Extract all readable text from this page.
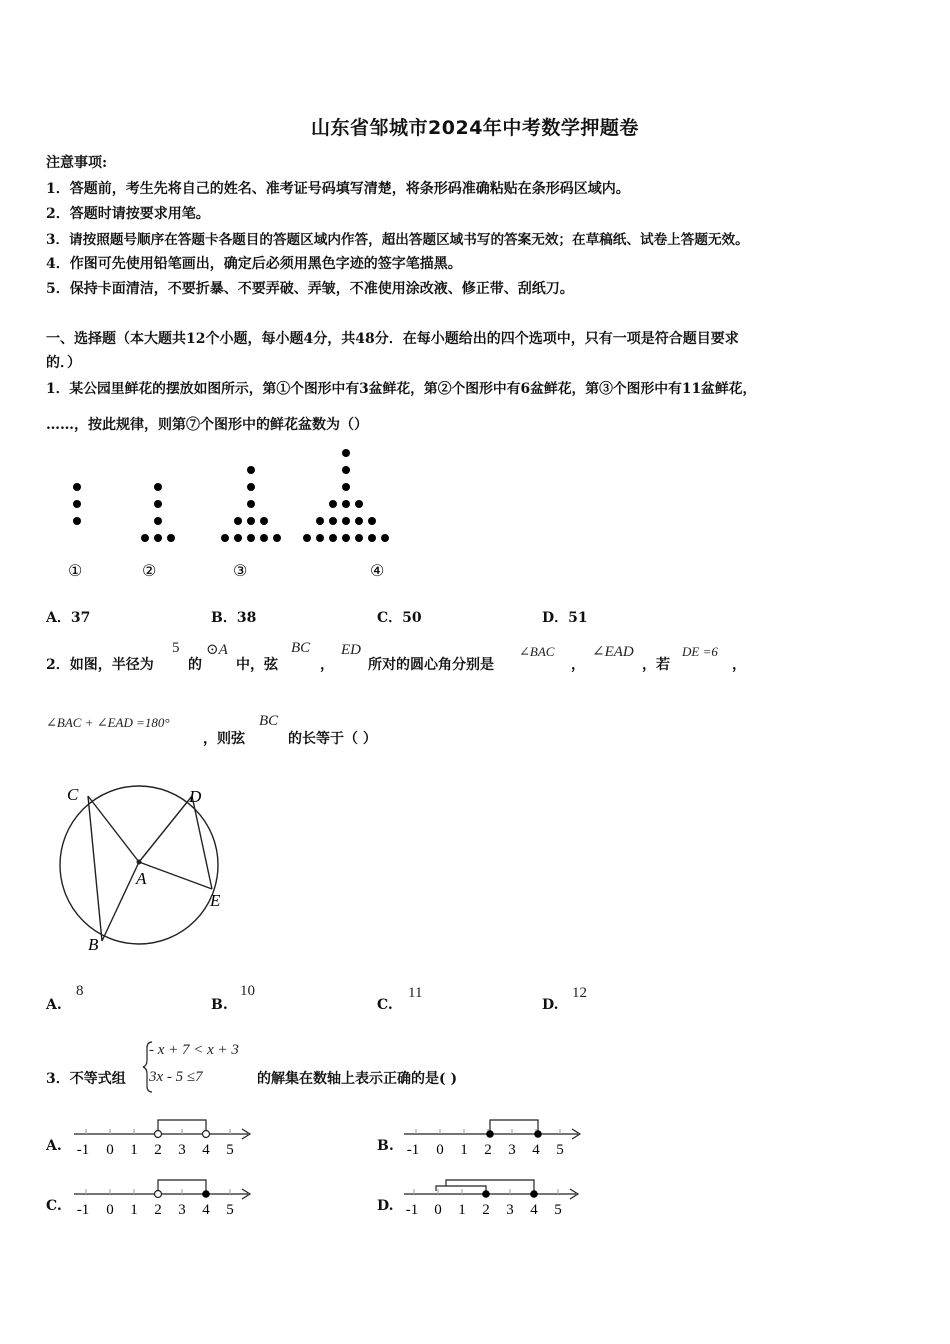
山东省邹城市2024年中考数学押题卷
注意事项:
1．答题前，考生先将自己的姓名、准考证号码填写清楚，将条形码准确粘贴在条形码区域内。
2．答题时请按要求用笔。
3．请按照题号顺序在答题卡各题目的答题区域内作答，超出答题区域书写的答案无效；在草稿纸、试卷上答题无效。
4．作图可先使用铅笔画出，确定后必须用黑色字迹的签字笔描黑。
5．保持卡面清洁，不要折暴、不要弄破、弄皱，不准使用涂改液、修正带、刮纸刀。
一、选择题（本大题共12个小题，每小题4分，共48分．在每小题给出的四个选项中，只有一项是符合题目要求
的．）
1．某公园里鲜花的摆放如图所示，第①个图形中有3盆鲜花，第②个图形中有6盆鲜花，第③个图形中有11盆鲜花，
……，按此规律，则第⑦个图形中的鲜花盆数为（）
①	②	③	④
A．37	B．38	C．50	D．51
2．如图，半径为
5
的
⊙A
中，弦
BC
，
ED
所对的圆心角分别是
∠BAC
，
∠EAD
，若
DE =6
，
∠BAC + ∠EAD =180°
，则弦
BC
的长等于（ ）
C	D
A
E
B
A.
8
B.
10
C.
11
D.
12
3．不等式组
- x + 7 < x + 3
3x - 5 ≤7	的解集在数轴上表示正确的是( )
A.	B.
C.	D.
-1 0 1 2 3 4 5	-1 0 1 2 3 4 5
-1 0 1 2 3 4 5	-1 0 1 2 3 4 5
